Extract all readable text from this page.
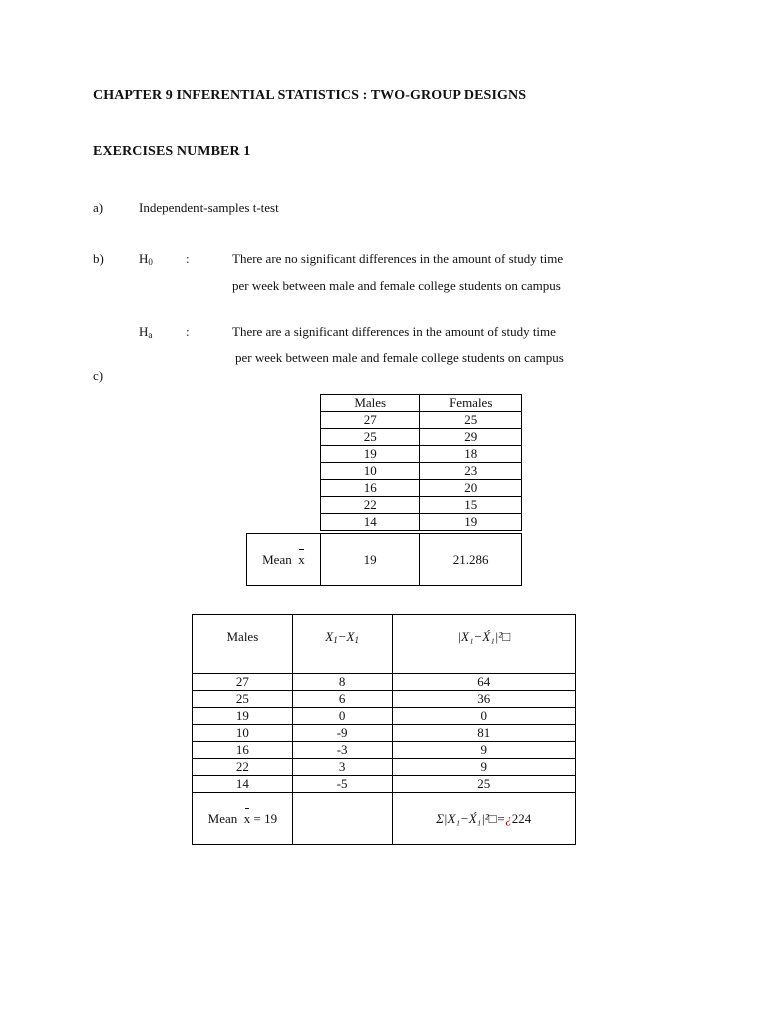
CHAPTER 9 INFERENTIAL STATISTICS : TWO-GROUP DESIGNS
EXERCISES NUMBER 1
a)	Independent-samples t-test
b)	$H_0$	:	There are no significant differences in the amount of study time
per week between male and female college students on campus
$H_a$	:	There are a significant differences in the amount of study time
per week between male and female college students on campus
c)
Males	Females
27	25
25	29
19	18
10	23
16	20
22	15
14	19
Mean x	19	21.286
Males	$X_1-X_1$	|X₁−X́₁|²□
27	8	64
25	6	36
19	0	0
10	-9	81
16	-3	9
22	3	9
14	-5	25
Mean x = 19		Σ|X₁−X́₁|²□=¿224
